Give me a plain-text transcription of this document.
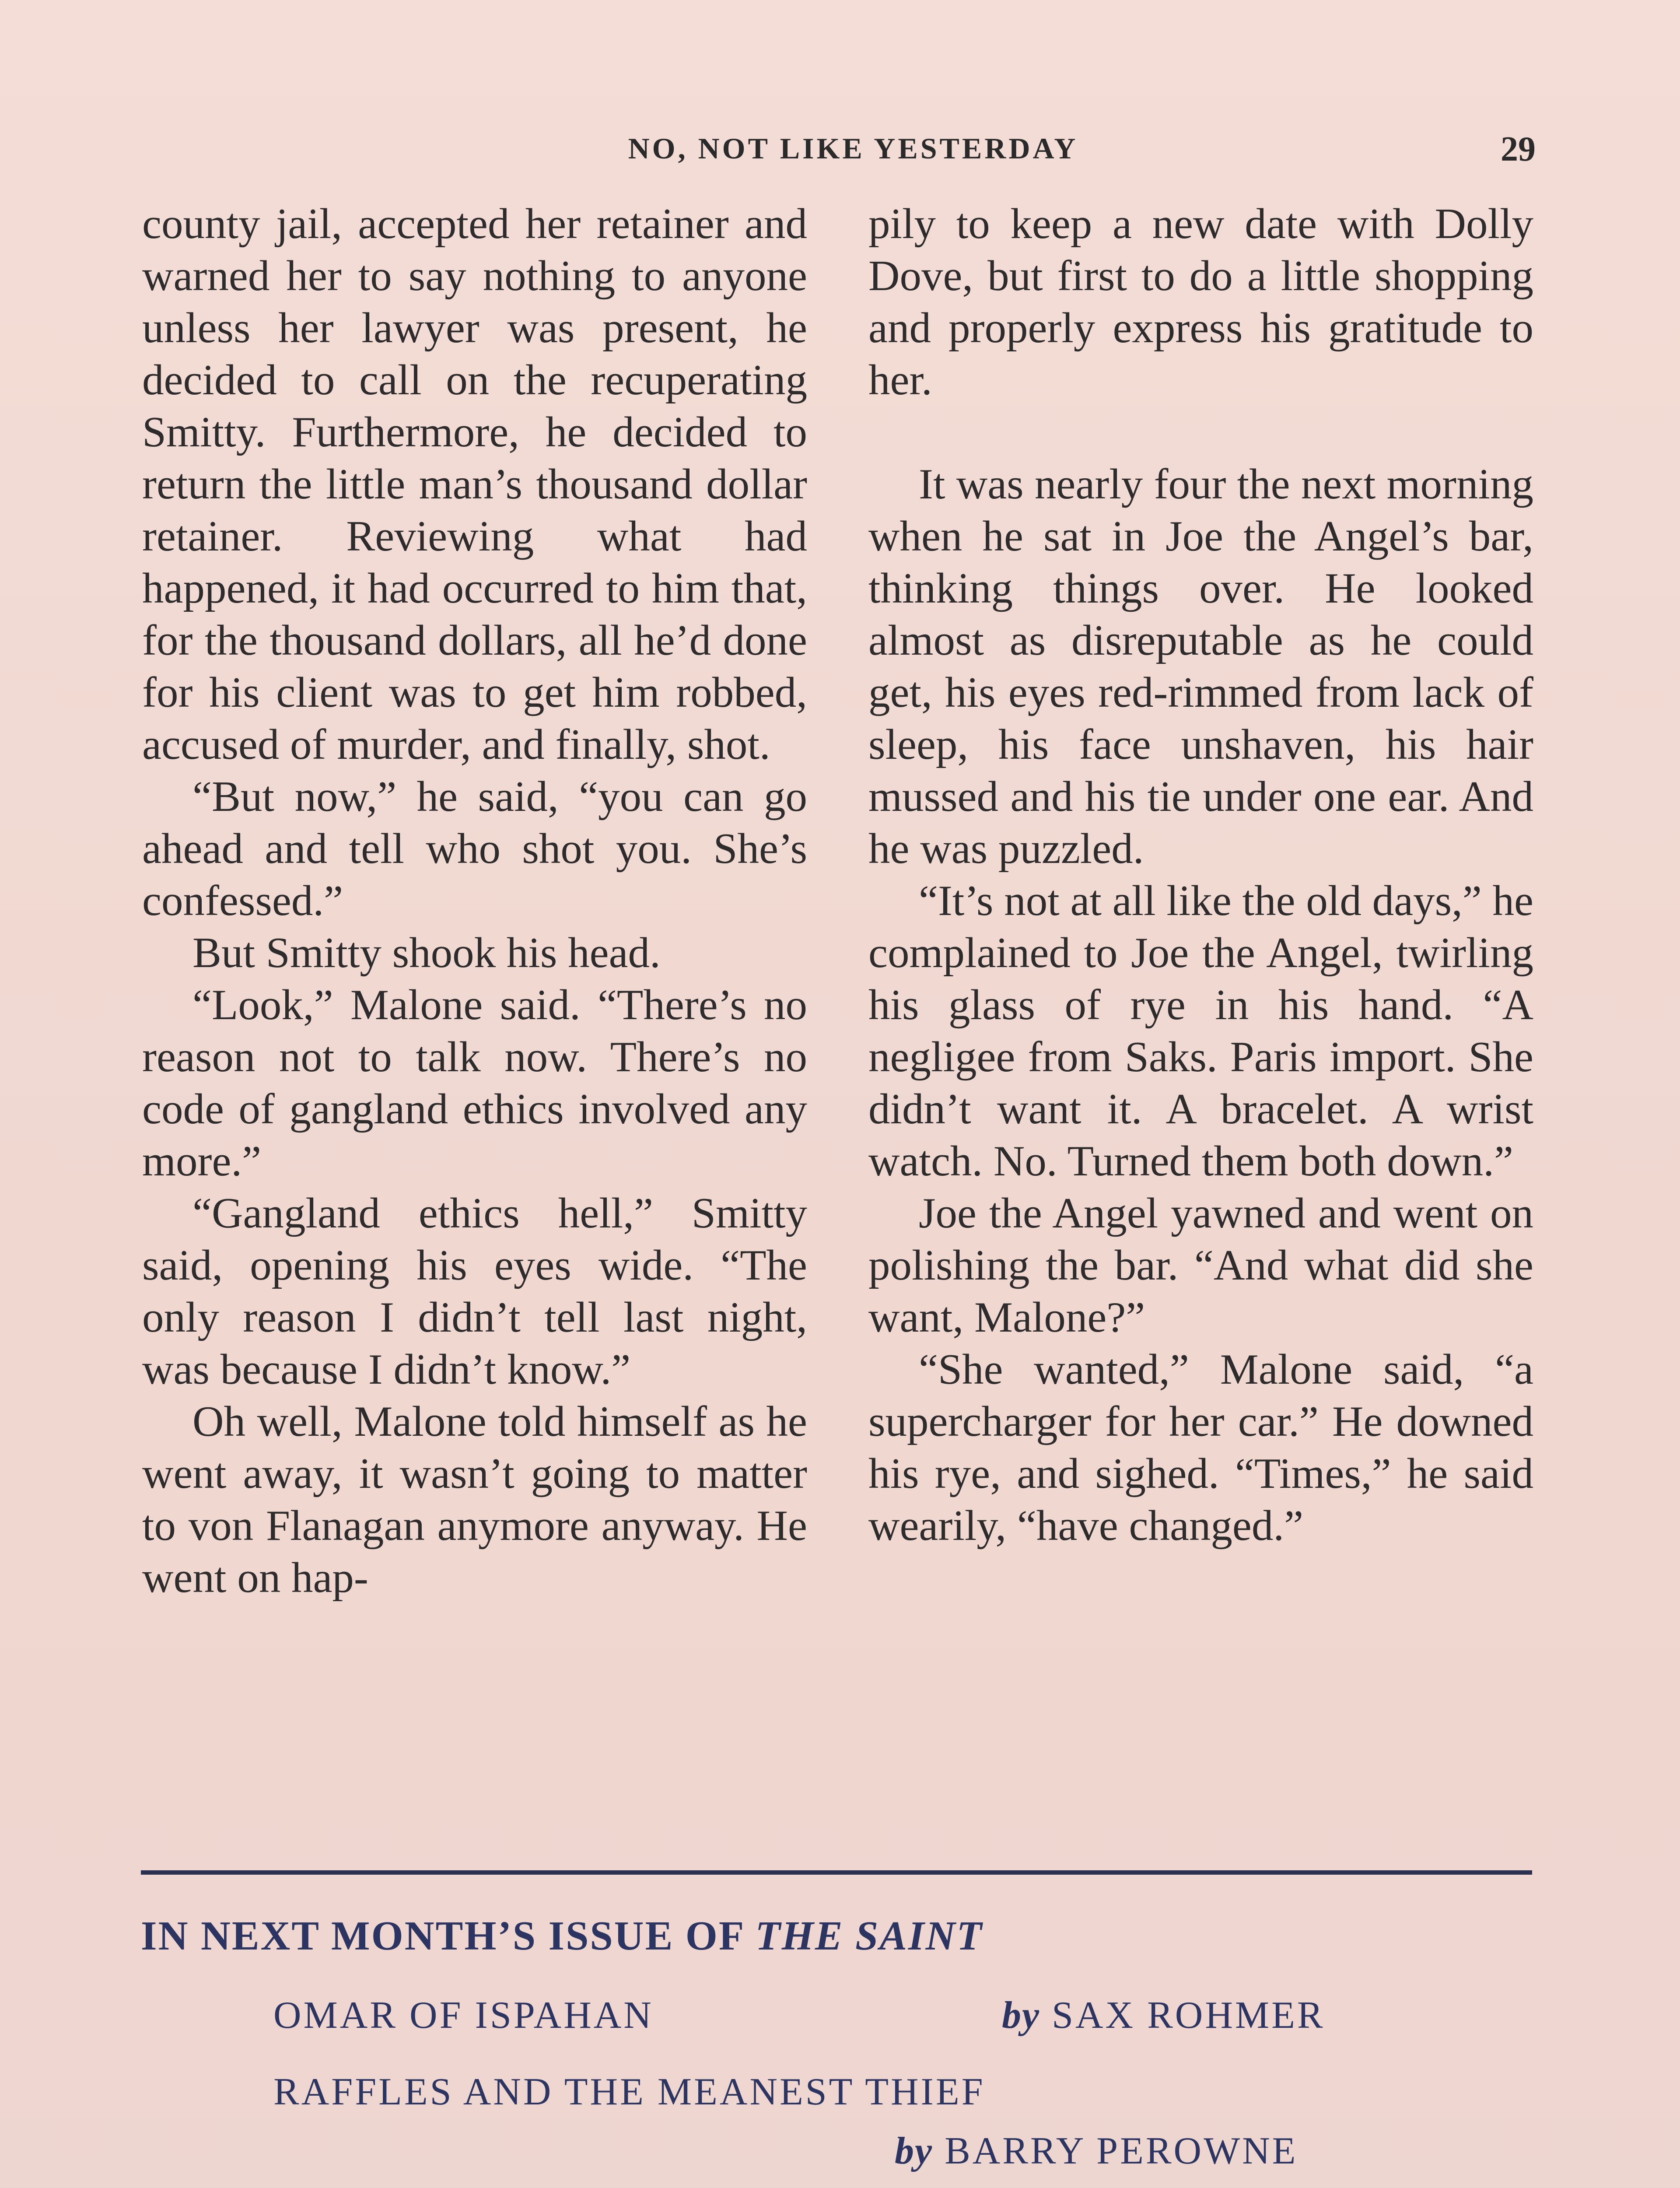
NO, NOT LIKE YESTERDAY	29

county jail, accepted her retainer and warned her to say nothing to anyone unless her lawyer was present, he decided to call on the recuperating Smitty. Furthermore, he decided to return the little man’s thousand dollar retainer. Reviewing what had happened, it had occurred to him that, for the thousand dollars, all he’d done for his client was to get him robbed, accused of murder, and finally, shot.

“But now,” he said, “you can go ahead and tell who shot you. She’s confessed.”

But Smitty shook his head.

“Look,” Malone said. “There’s no reason not to talk now. There’s no code of gangland ethics involved any more.”

“Gangland ethics hell,” Smitty said, opening his eyes wide. “The only reason I didn’t tell last night, was because I didn’t know.”

Oh well, Malone told himself as he went away, it wasn’t going to matter to von Flanagan anymore anyway. He went on hap-

pily to keep a new date with Dolly Dove, but first to do a little shopping and properly express his gratitude to her.

It was nearly four the next morning when he sat in Joe the Angel’s bar, thinking things over. He looked almost as disreputable as he could get, his eyes red-rimmed from lack of sleep, his face unshaven, his hair mussed and his tie under one ear. And he was puzzled.

“It’s not at all like the old days,” he complained to Joe the Angel, twirling his glass of rye in his hand. “A negligee from Saks. Paris import. She didn’t want it. A bracelet. A wrist watch. No. Turned them both down.”

Joe the Angel yawned and went on polishing the bar. “And what did she want, Malone?”

“She wanted,” Malone said, “a supercharger for her car.” He downed his rye, and sighed. “Times,” he said wearily, “have changed.”

IN NEXT MONTH’S ISSUE OF THE SAINT
OMAR OF ISPAHAN	by SAX ROHMER
RAFFLES AND THE MEANEST THIEF
by BARRY PEROWNE
